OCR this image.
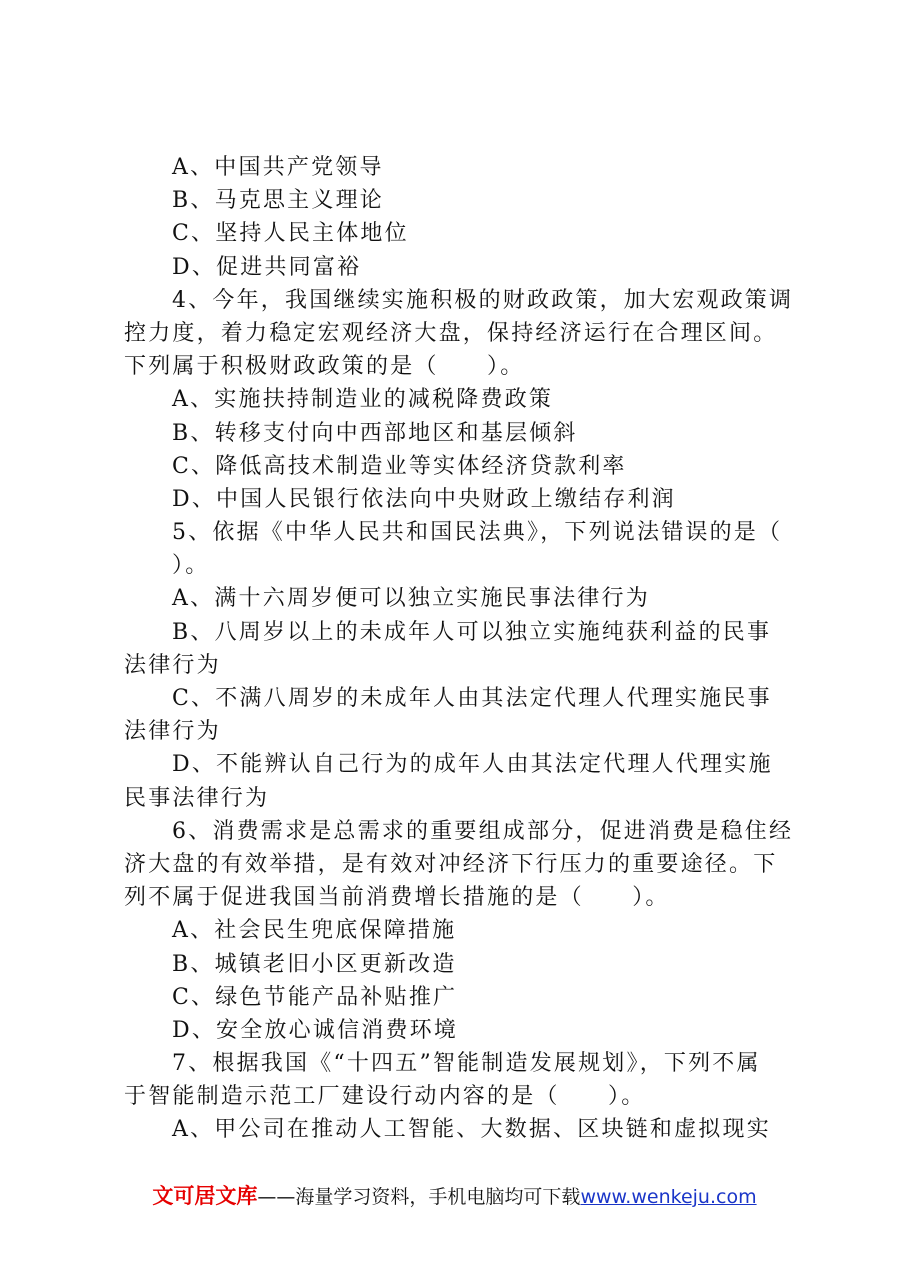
A、中国共产党领导
B、马克思主义理论
C、坚持人民主体地位
D、促进共同富裕
4、今年，我国继续实施积极的财政政策，加大宏观政策调
控力度，着力稳定宏观经济大盘，保持经济运行在合理区间。
下列属于积极财政政策的是（　　）。
A、实施扶持制造业的减税降费政策
B、转移支付向中西部地区和基层倾斜
C、降低高技术制造业等实体经济贷款利率
D、中国人民银行依法向中央财政上缴结存利润
5、依据《中华人民共和国民法典》，下列说法错误的是（
）。
A、满十六周岁便可以独立实施民事法律行为
B、八周岁以上的未成年人可以独立实施纯获利益的民事
法律行为
C、不满八周岁的未成年人由其法定代理人代理实施民事
法律行为
D、不能辨认自己行为的成年人由其法定代理人代理实施
民事法律行为
6、消费需求是总需求的重要组成部分，促进消费是稳住经
济大盘的有效举措，是有效对冲经济下行压力的重要途径。下
列不属于促进我国当前消费增长措施的是（　　）。
A、社会民生兜底保障措施
B、城镇老旧小区更新改造
C、绿色节能产品补贴推广
D、安全放心诚信消费环境
7、根据我国《“十四五”智能制造发展规划》，下列不属
于智能制造示范工厂建设行动内容的是（　　）。
A、甲公司在推动人工智能、大数据、区块链和虚拟现实
文可居文库——海量学习资料，手机电脑均可下载www.wenkeju.com
